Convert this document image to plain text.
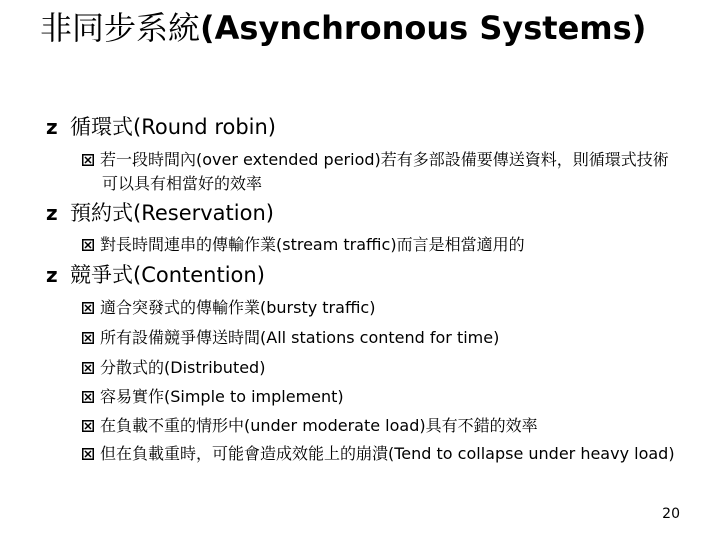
非同步系統(Asynchronous Systems)
z 循環式(Round robin)
若一段時間內(over extended period)若有多部設備要傳送資料，則循環式技術可以具有相當好的效率
z 預約式(Reservation)
對長時間連串的傳輸作業(stream traffic)而言是相當適用的
z 競爭式(Contention)
適合突發式的傳輸作業(bursty traffic)
所有設備競爭傳送時間(All stations contend for time)
分散式的(Distributed)
容易實作(Simple to implement)
在負載不重的情形中(under moderate load)具有不錯的效率
但在負載重時，可能會造成效能上的崩潰(Tend to collapse under heavy load)
20
